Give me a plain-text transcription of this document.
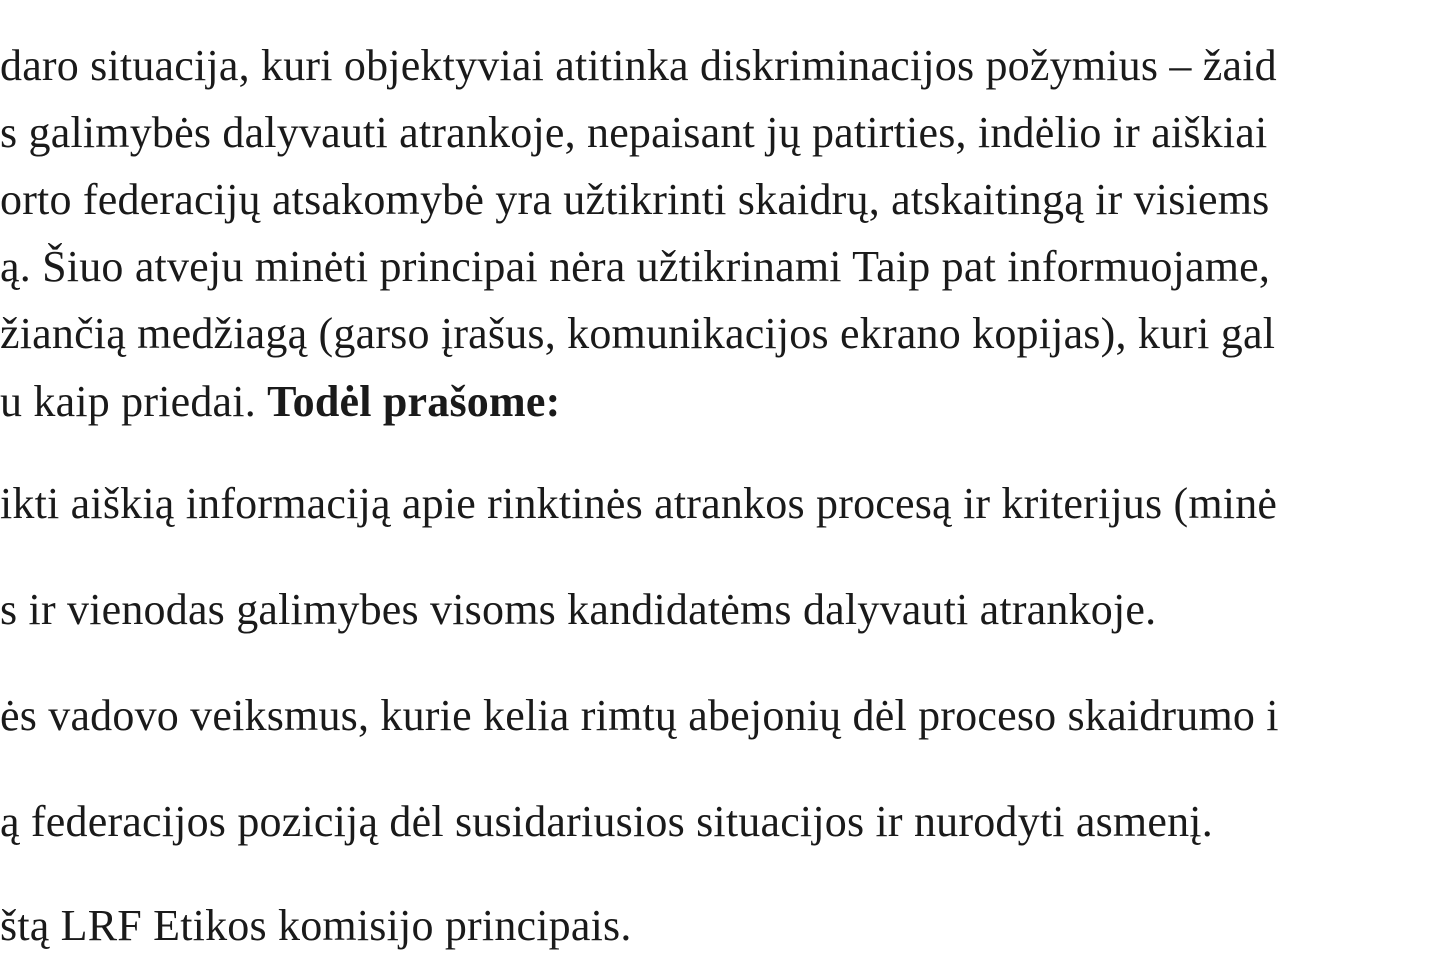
daro situacija, kuri objektyviai atitinka diskriminacijos požymius – žaid
s galimybės dalyvauti atrankoje, nepaisant jų patirties, indėlio ir aiškiai
orto federacijų atsakomybė yra užtikrinti skaidrų, atskaitingą ir visiems
ą. Šiuo atveju minėti principai nėra užtikrinami Taip pat informuojame,
žiančią medžiagą (garso įrašus, komunikacijos ekrano kopijas), kuri gal
u kaip priedai. Todėl prašome:
ikti aiškią informaciją apie rinktinės atrankos procesą ir kriterijus (minė
s ir vienodas galimybes visoms kandidatėms dalyvauti atrankoje.
ės vadovo veiksmus, kurie kelia rimtų abejonių dėl proceso skaidrumo i
ą federacijos poziciją dėl susidariusios situacijos ir nurodyti asmenį.
štą LRF Etikos komisijo principais.
